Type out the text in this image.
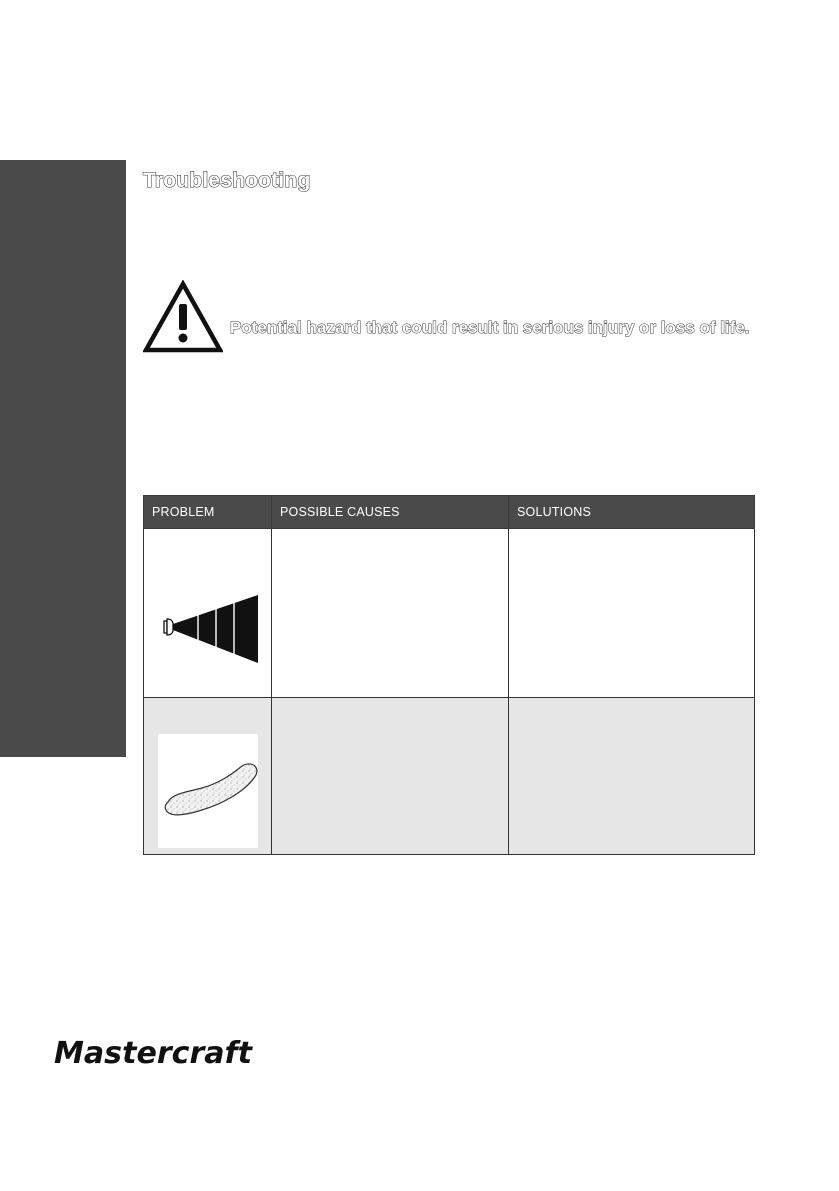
Troubleshooting
Potential hazard that could result in serious injury or loss of life.
PROBLEM	POSSIBLE CAUSES	SOLUTIONS

Mastercraft
